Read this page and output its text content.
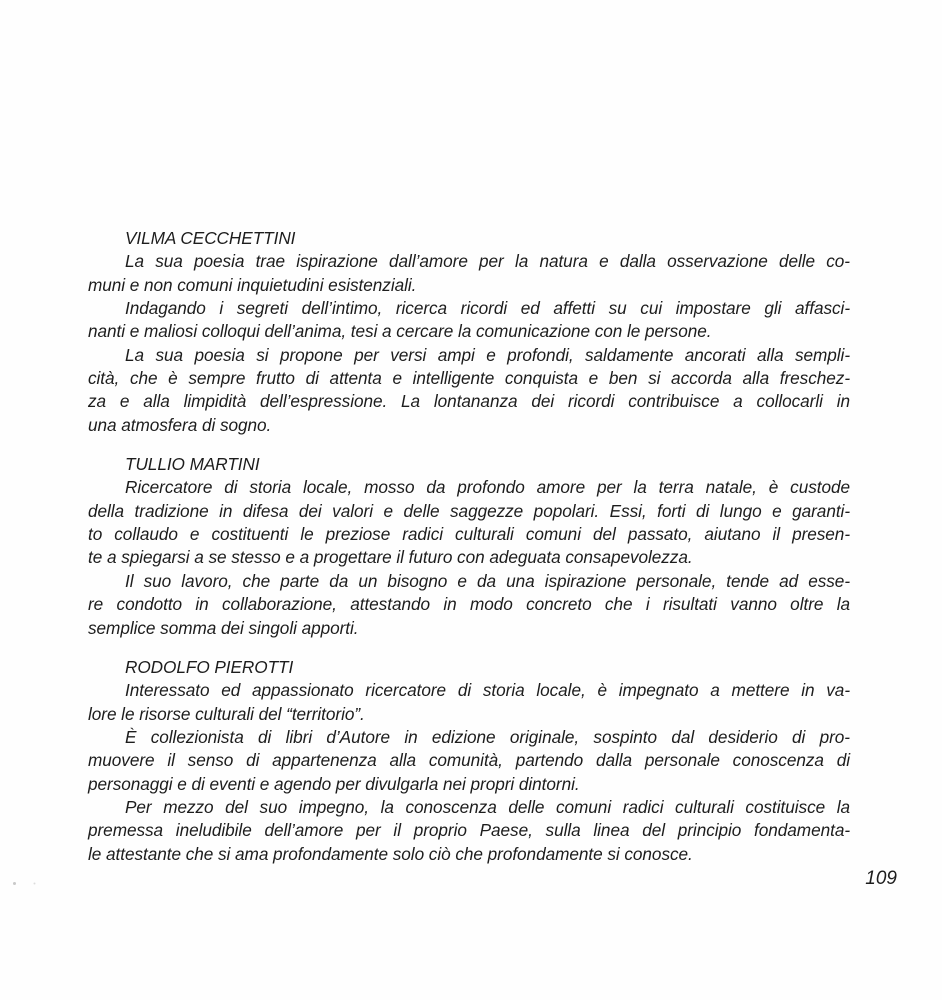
VILMA CECCHETTINI
La sua poesia trae ispirazione dall’amore per la natura e dalla osservazione delle co-
muni e non comuni inquietudini esistenziali.
Indagando i segreti dell’intimo, ricerca ricordi ed affetti su cui impostare gli affasci-
nanti e maliosi colloqui dell’anima, tesi a cercare la comunicazione con le persone.
La sua poesia si propone per versi ampi e profondi, saldamente ancorati alla sempli-
cità, che è sempre frutto di attenta e intelligente conquista e ben si accorda alla freschez-
za e alla limpidità dell’espressione. La lontananza dei ricordi contribuisce a collocarli in
una atmosfera di sogno.
TULLIO MARTINI
Ricercatore di storia locale, mosso da profondo amore per la terra natale, è custode
della tradizione in difesa dei valori e delle saggezze popolari. Essi, forti di lungo e garanti-
to collaudo e costituenti le preziose radici culturali comuni del passato, aiutano il presen-
te a spiegarsi a se stesso e a progettare il futuro con adeguata consapevolezza.
Il suo lavoro, che parte da un bisogno e da una ispirazione personale, tende ad esse-
re condotto in collaborazione, attestando in modo concreto che i risultati vanno oltre la
semplice somma dei singoli apporti.
RODOLFO PIEROTTI
Interessato ed appassionato ricercatore di storia locale, è impegnato a mettere in va-
lore le risorse culturali del “territorio”.
È collezionista di libri d’Autore in edizione originale, sospinto dal desiderio di pro-
muovere il senso di appartenenza alla comunità, partendo dalla personale conoscenza di
personaggi e di eventi e agendo per divulgarla nei propri dintorni.
Per mezzo del suo impegno, la conoscenza delle comuni radici culturali costituisce la
premessa ineludibile dell’amore per il proprio Paese, sulla linea del principio fondamenta-
le attestante che si ama profondamente solo ciò che profondamente si conosce.
109
